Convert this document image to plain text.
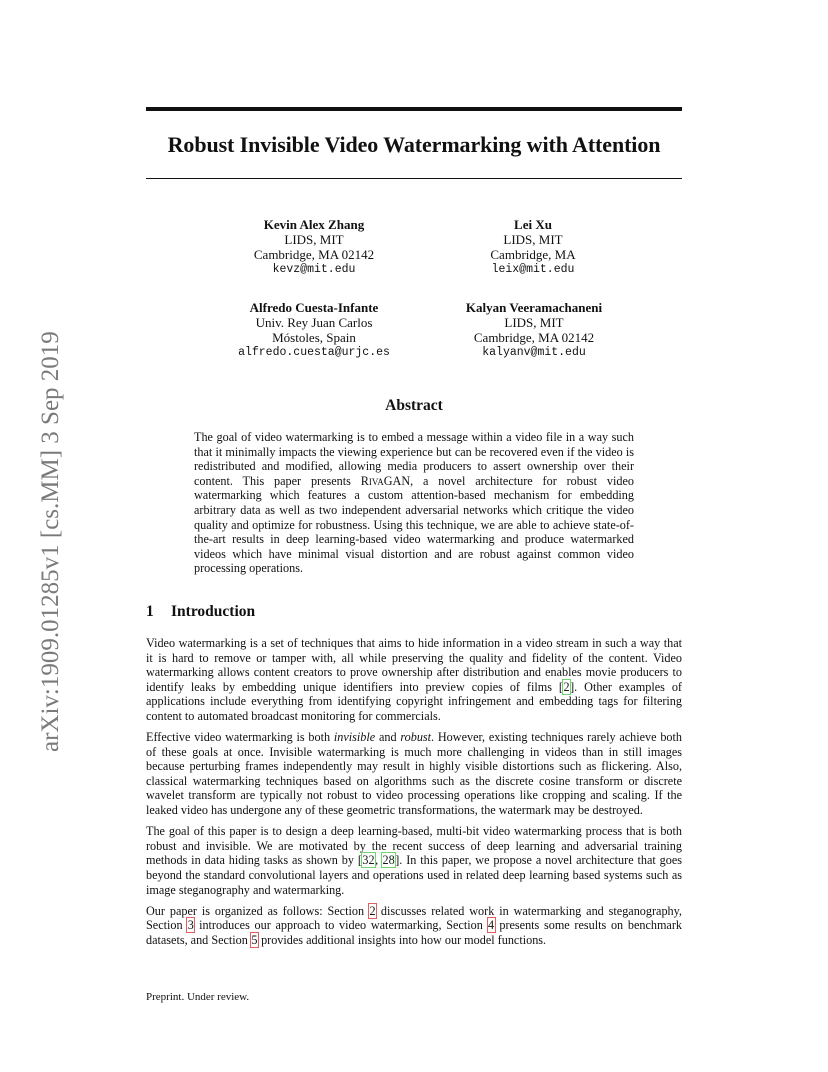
arXiv:1909.01285v1 [cs.MM] 3 Sep 2019
Robust Invisible Video Watermarking with Attention
Kevin Alex Zhang
LIDS, MIT
Cambridge, MA 02142
kevz@mit.edu
Lei Xu
LIDS, MIT
Cambridge, MA
leix@mit.edu
Alfredo Cuesta-Infante
Univ. Rey Juan Carlos
Móstoles, Spain
alfredo.cuesta@urjc.es
Kalyan Veeramachaneni
LIDS, MIT
Cambridge, MA 02142
kalyanv@mit.edu
Abstract

The goal of video watermarking is to embed a message within a video file in a way such that it minimally impacts the viewing experience but can be recovered even if the video is redistributed and modified, allowing media producers to assert ownership over their content. This paper presents RivaGAN, a novel architecture for robust video watermarking which features a custom attention-based mechanism for embedding arbitrary data as well as two independent adversarial networks which critique the video quality and optimize for robustness. Using this technique, we are able to achieve state-of-the-art results in deep learning-based video watermarking and produce watermarked videos which have minimal visual distortion and are robust against common video processing operations.

1 Introduction

Video watermarking is a set of techniques that aims to hide information in a video stream in such a way that it is hard to remove or tamper with, all while preserving the quality and fidelity of the content. Video watermarking allows content creators to prove ownership after distribution and enables movie producers to identify leaks by embedding unique identifiers into preview copies of films [2]. Other examples of applications include everything from identifying copyright infringement and embedding tags for filtering content to automated broadcast monitoring for commercials.

Effective video watermarking is both invisible and robust. However, existing techniques rarely achieve both of these goals at once. Invisible watermarking is much more challenging in videos than in still images because perturbing frames independently may result in highly visible distortions such as flickering. Also, classical watermarking techniques based on algorithms such as the discrete cosine transform or discrete wavelet transform are typically not robust to video processing operations like cropping and scaling. If the leaked video has undergone any of these geometric transformations, the watermark may be destroyed.

The goal of this paper is to design a deep learning-based, multi-bit video watermarking process that is both robust and invisible. We are motivated by the recent success of deep learning and adversarial training methods in data hiding tasks as shown by [32, 28]. In this paper, we propose a novel architecture that goes beyond the standard convolutional layers and operations used in related deep learning based systems such as image steganography and watermarking.

Our paper is organized as follows: Section 2 discusses related work in watermarking and steganography, Section 3 introduces our approach to video watermarking, Section 4 presents some results on benchmark datasets, and Section 5 provides additional insights into how our model functions.

Preprint. Under review.
